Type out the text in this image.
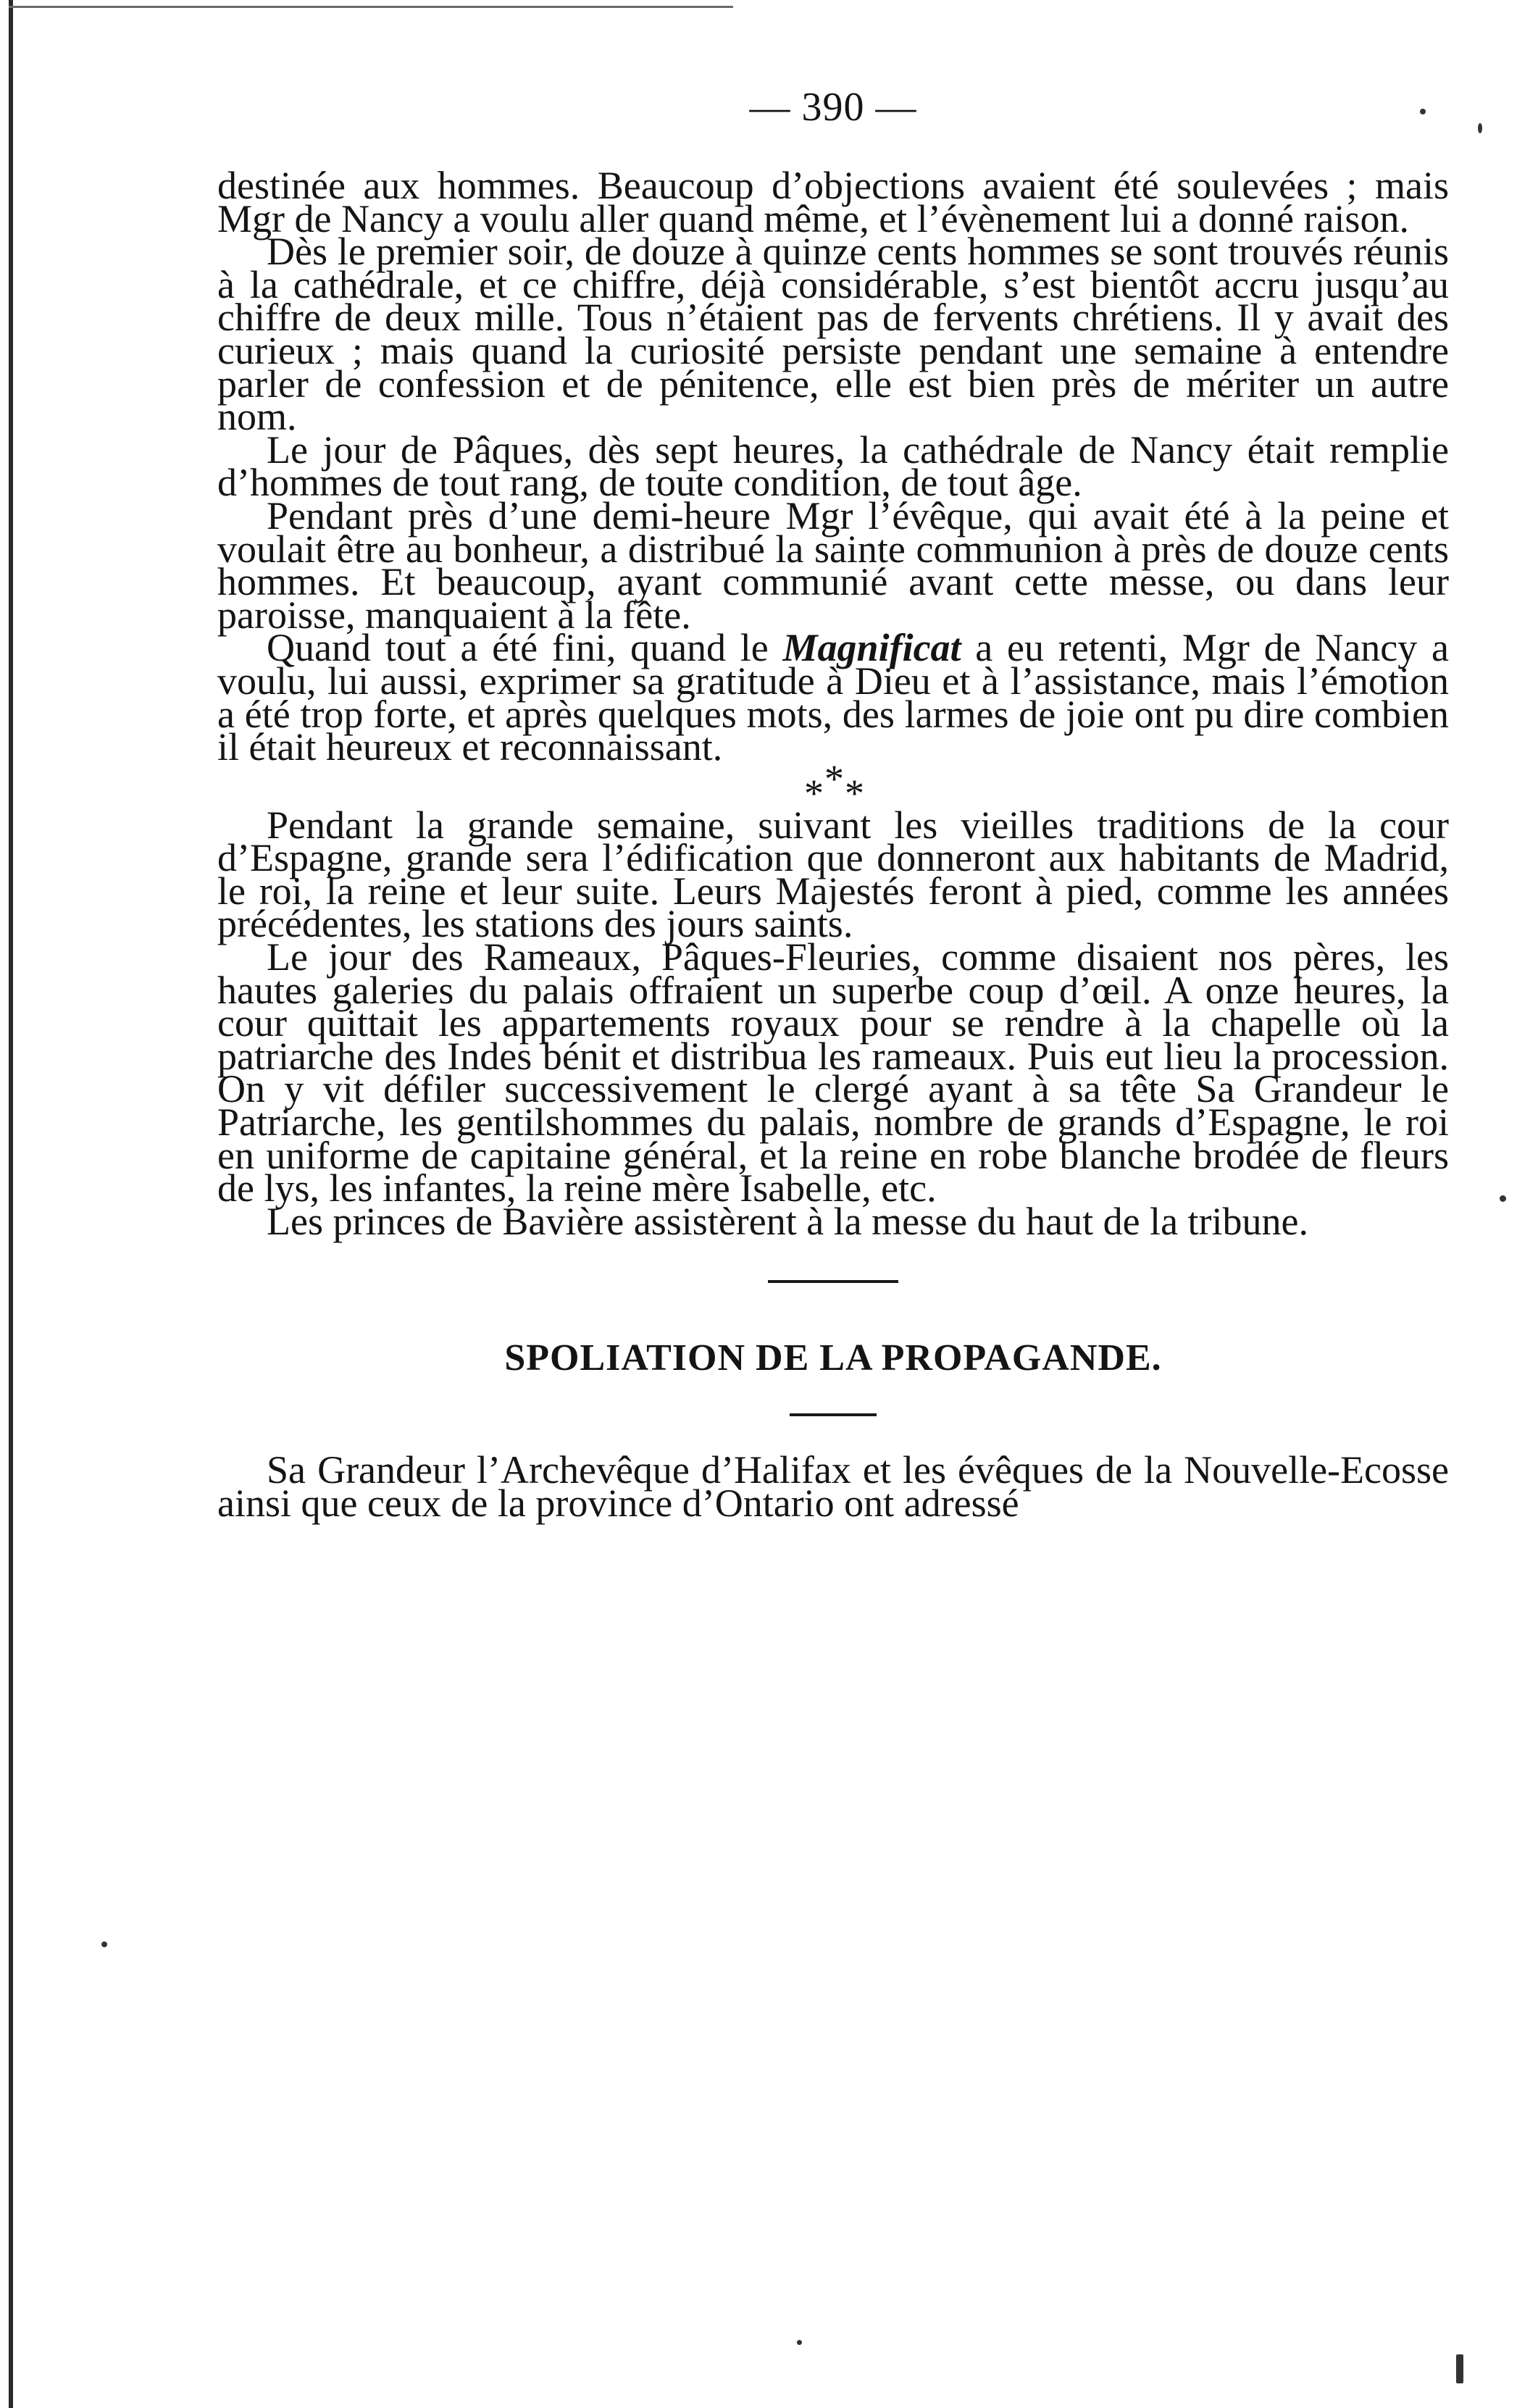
— 390 —

destinée aux hommes. Beaucoup d’objections avaient été soulevées ; mais Mgr de Nancy a voulu aller quand même, et l’évènement lui a donné raison.

Dès le premier soir, de douze à quinze cents hommes se sont trouvés réunis à la cathédrale, et ce chiffre, déjà considérable, s’est bientôt accru jusqu’au chiffre de deux mille. Tous n’étaient pas de fervents chrétiens. Il y avait des curieux ; mais quand la curiosité persiste pendant une semaine à entendre parler de confession et de pénitence, elle est bien près de mériter un autre nom.

Le jour de Pâques, dès sept heures, la cathédrale de Nancy était remplie d’hommes de tout rang, de toute condition, de tout âge.

Pendant près d’une demi-heure Mgr l’évêque, qui avait été à la peine et voulait être au bonheur, a distribué la sainte communion à près de douze cents hommes. Et beaucoup, ayant communié avant cette messe, ou dans leur paroisse, manquaient à la fête.

Quand tout a été fini, quand le Magnificat a eu retenti, Mgr de Nancy a voulu, lui aussi, exprimer sa gratitude à Dieu et à l’assistance, mais l’émotion a été trop forte, et après quelques mots, des larmes de joie ont pu dire combien il était heureux et reconnaissant.

*
* *

Pendant la grande semaine, suivant les vieilles traditions de la cour d’Espagne, grande sera l’édification que donneront aux habitants de Madrid, le roi, la reine et leur suite. Leurs Majestés feront à pied, comme les années précédentes, les stations des jours saints.

Le jour des Rameaux, Pâques-Fleuries, comme disaient nos pères, les hautes galeries du palais offraient un superbe coup d’œil. A onze heures, la cour quittait les appartements royaux pour se rendre à la chapelle où la patriarche des Indes bénit et distribua les rameaux. Puis eut lieu la procession. On y vit défiler successivement le clergé ayant à sa tête Sa Grandeur le Patriarche, les gentilshommes du palais, nombre de grands d’Espagne, le roi en uniforme de capitaine général, et la reine en robe blanche brodée de fleurs de lys, les infantes, la reine mère Isabelle, etc.

Les princes de Bavière assistèrent à la messe du haut de la tribune.

SPOLIATION DE LA PROPAGANDE.

Sa Grandeur l’Archevêque d’Halifax et les évêques de la Nouvelle-Ecosse ainsi que ceux de la province d’Ontario ont adressé
